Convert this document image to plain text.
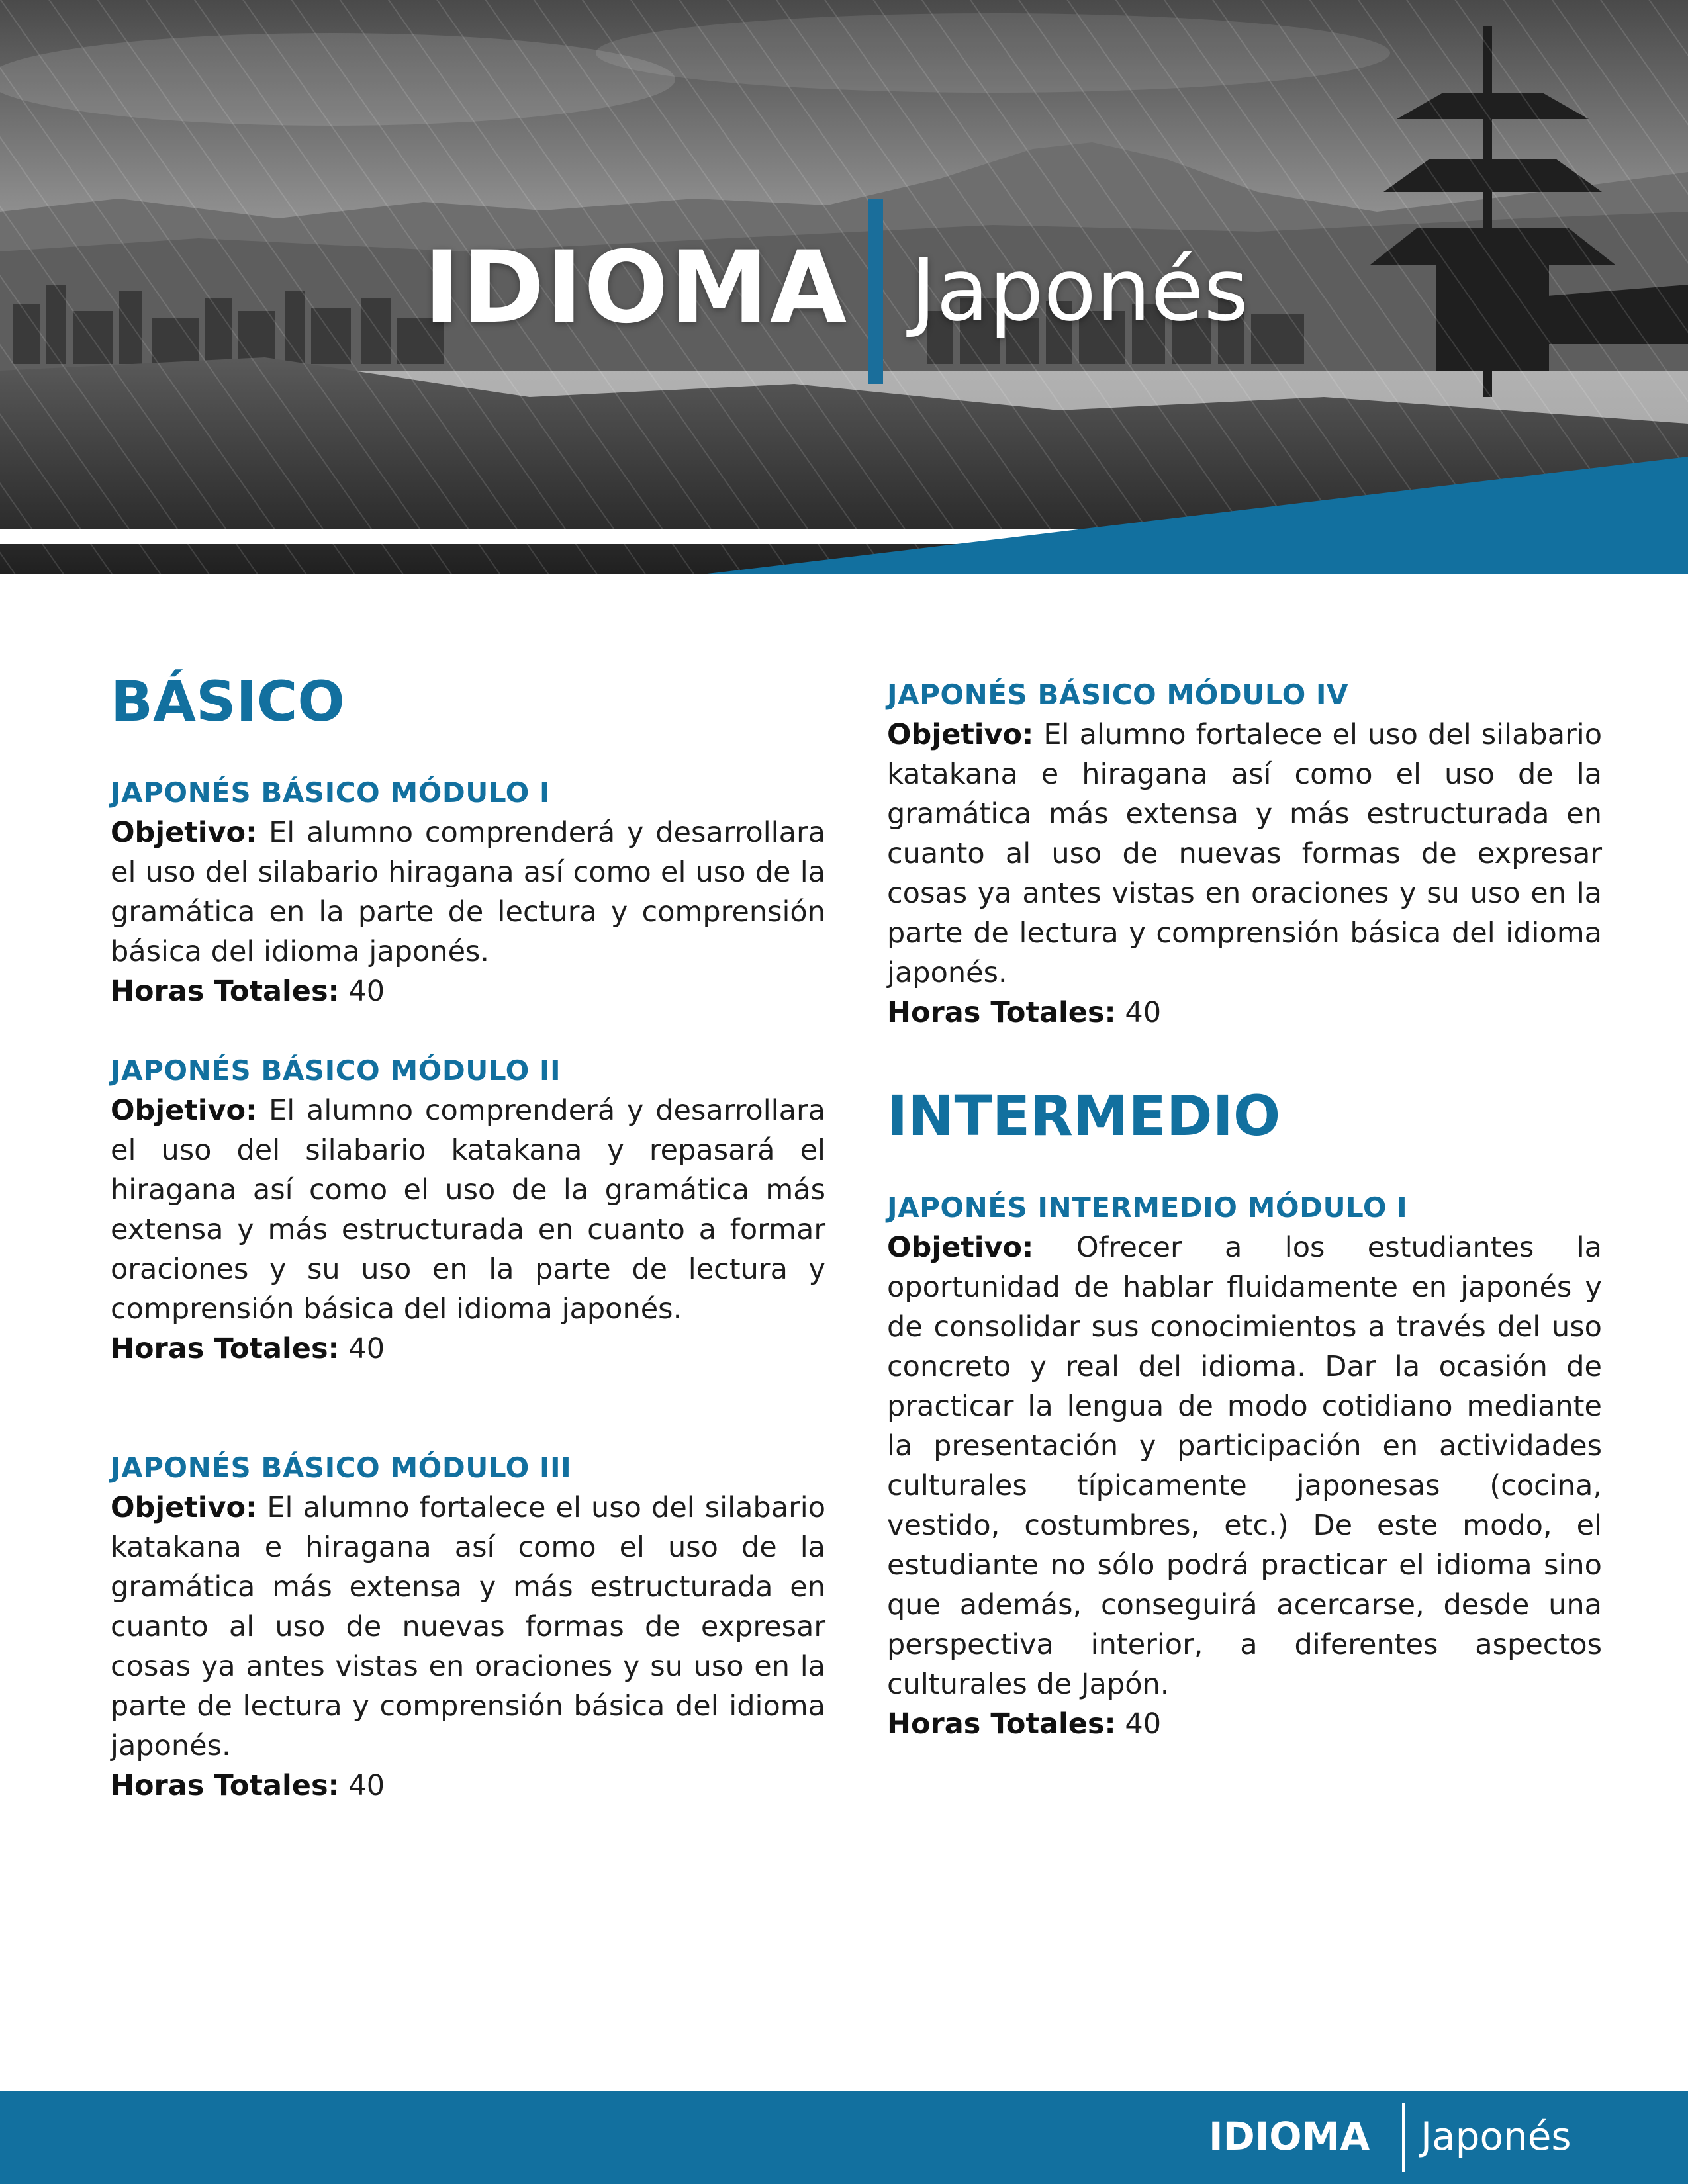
IDIOMA Japonés
BÁSICO
JAPONÉS BÁSICO MÓDULO I

Objetivo: El alumno comprenderá y desarrollara el uso del silabario hiragana así como el uso de la gramática en la parte de lectura y comprensión básica del idioma japonés.

Horas Totales: 40

JAPONÉS BÁSICO MÓDULO II

Objetivo: El alumno comprenderá y desarrollara el uso del silabario katakana y repasará el hiragana así como el uso de la gramática más extensa y más estructurada en cuanto a formar oraciones y su uso en la parte de lectura y comprensión básica del idioma japonés.

Horas Totales: 40

JAPONÉS BÁSICO MÓDULO III

Objetivo: El alumno fortalece el uso del silabario katakana e hiragana así como el uso de la gramática más extensa y más estructurada en cuanto al uso de nuevas formas de expresar cosas ya antes vistas en oraciones y su uso en la parte de lectura y comprensión básica del idioma japonés.

Horas Totales: 40

JAPONÉS BÁSICO MÓDULO IV

Objetivo: El alumno fortalece el uso del silabario katakana e hiragana así como el uso de la gramática más extensa y más estructurada en cuanto al uso de nuevas formas de expresar cosas ya antes vistas en oraciones y su uso en la parte de lectura y comprensión básica del idioma japonés.

Horas Totales: 40

INTERMEDIO
JAPONÉS INTERMEDIO MÓDULO I

Objetivo: Ofrecer a los estudiantes la oportunidad de hablar fluidamente en japonés y de consolidar sus conocimientos a través del uso concreto y real del idioma. Dar la ocasión de practicar la lengua de modo cotidiano mediante la presentación y participación en actividades culturales típicamente japonesas (cocina, vestido, costumbres, etc.) De este modo, el estudiante no sólo podrá practicar el idioma sino que además, conseguirá acercarse, desde una perspectiva interior, a diferentes aspectos culturales de Japón.

Horas Totales: 40

IDIOMA Japonés
